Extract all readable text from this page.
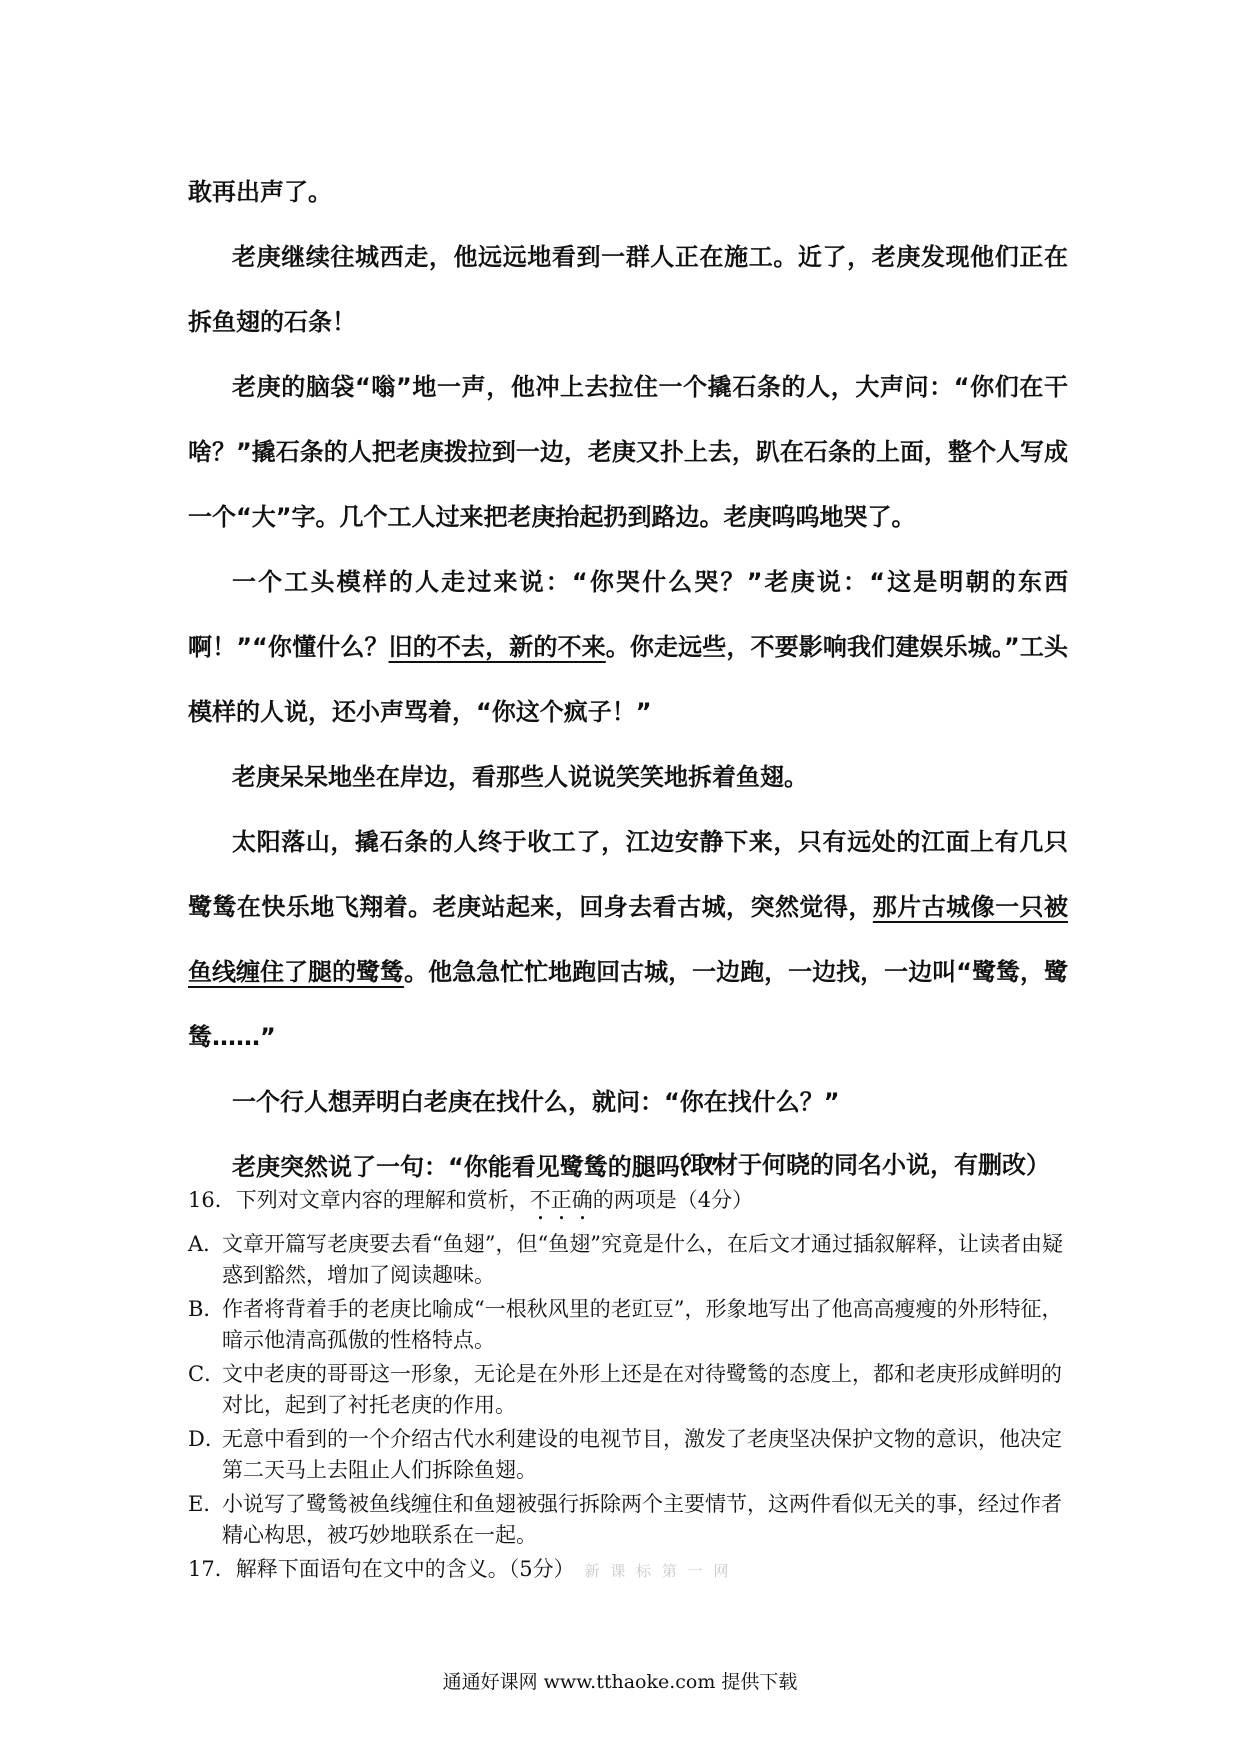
敢再出声了。

老庚继续往城西走，他远远地看到一群人正在施工。近了，老庚发现他们正在拆鱼翅的石条！

老庚的脑袋“嗡”地一声，他冲上去拉住一个撬石条的人，大声问：“你们在干啥？”撬石条的人把老庚拨拉到一边，老庚又扑上去，趴在石条的上面，整个人写成一个“大”字。几个工人过来把老庚抬起扔到路边。老庚呜呜地哭了。

一个工头模样的人走过来说：“你哭什么哭？”老庚说：“这是明朝的东西啊！”“你懂什么？旧的不去，新的不来。你走远些，不要影响我们建娱乐城。”工头模样的人说，还小声骂着，“你这个疯子！”

老庚呆呆地坐在岸边，看那些人说说笑笑地拆着鱼翅。

太阳落山，撬石条的人终于收工了，江边安静下来，只有远处的江面上有几只鹭鸶在快乐地飞翔着。老庚站起来，回身去看古城，突然觉得，那片古城像一只被鱼线缠住了腿的鹭鸶。他急急忙忙地跑回古城，一边跑，一边找，一边叫“鹭鸶，鹭鸶……”

一个行人想弄明白老庚在找什么，就问：“你在找什么？”

老庚突然说了一句：“你能看见鹭鸶的腿吗？”

（取材于何晓的同名小说，有删改）
16．下列对文章内容的理解和赏析，不正确的两项是（4分）
A．
文章开篇写老庚要去看“鱼翅”，但“鱼翅”究竟是什么，在后文才通过插叙解释，让读者由疑惑到豁然，增加了阅读趣味。
B．
作者将背着手的老庚比喻成“一根秋风里的老豇豆”，形象地写出了他高高瘦瘦的外形特征，暗示他清高孤傲的性格特点。
C．
文中老庚的哥哥这一形象，无论是在外形上还是在对待鹭鸶的态度上，都和老庚形成鲜明的对比，起到了衬托老庚的作用。
D．
无意中看到的一个介绍古代水利建设的电视节目，激发了老庚坚决保护文物的意识，他决定第二天马上去阻止人们拆除鱼翅。
E．
小说写了鹭鸶被鱼线缠住和鱼翅被强行拆除两个主要情节，这两件看似无关的事，经过作者精心构思，被巧妙地联系在一起。
17．解释下面语句在文中的含义。（5分） 新 课 标 第 一 网
通通好课网 www.tthaoke.com 提供下载
